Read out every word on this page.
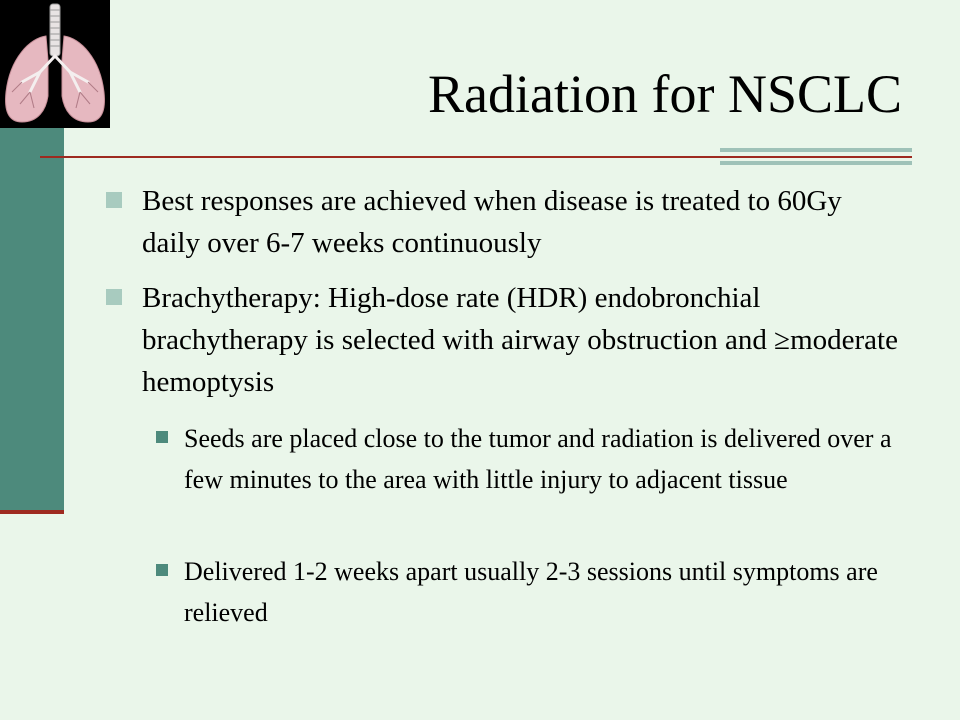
Radiation for NSCLC
Best responses are achieved when disease is treated to 60Gy daily over 6-7 weeks continuously
Brachytherapy: High-dose rate (HDR) endobronchial brachytherapy is selected with airway obstruction and ≥moderate hemoptysis
Seeds are placed close to the tumor and radiation is delivered over a few minutes to the area with little injury to adjacent tissue
Delivered 1-2 weeks apart usually 2-3 sessions until symptoms are relieved
